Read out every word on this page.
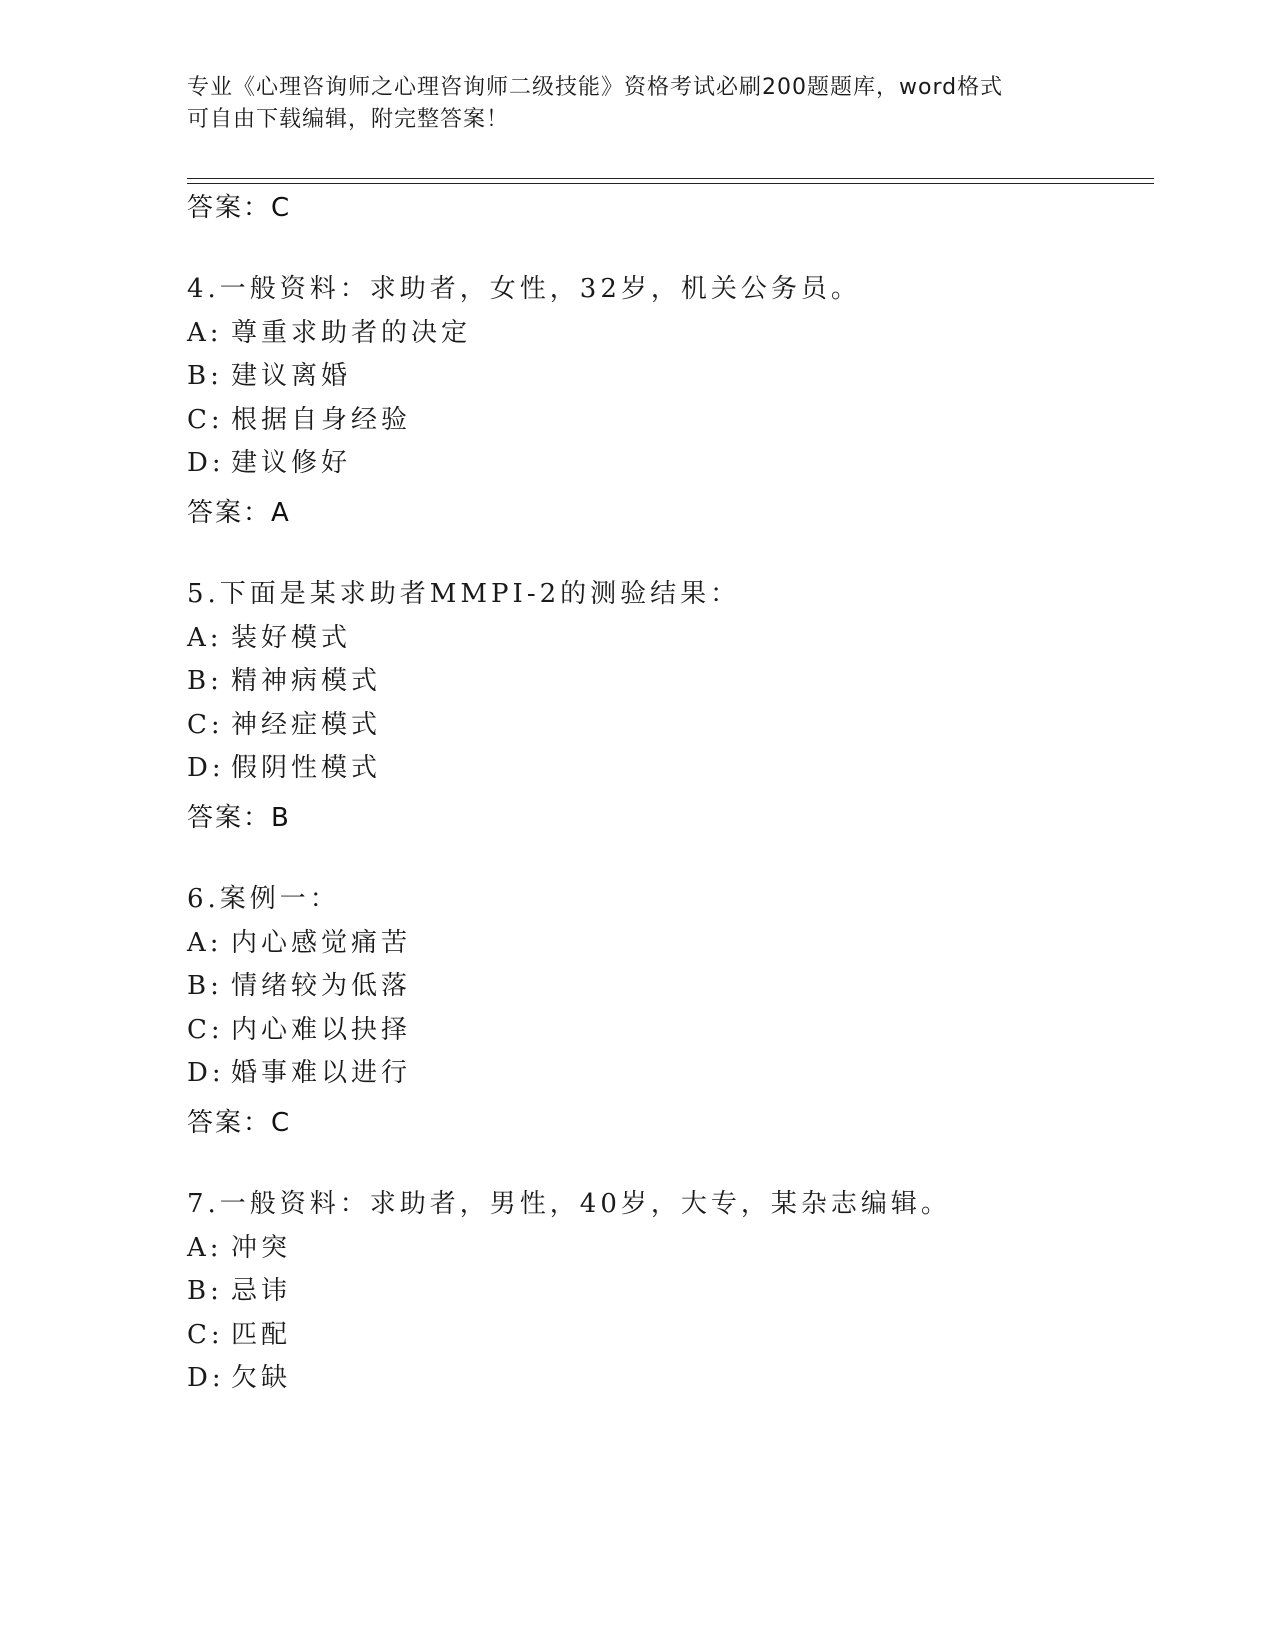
专业《心理咨询师之心理咨询师二级技能》资格考试必刷200题题库，word格式
可自由下载编辑，附完整答案！
答案：C
4.一般资料：求助者，女性，32岁，机关公务员。
A: 尊重求助者的决定
B: 建议离婚
C: 根据自身经验
D: 建议修好
答案：A
5.下面是某求助者MMPI-2的测验结果：
A: 装好模式
B: 精神病模式
C: 神经症模式
D: 假阴性模式
答案：B
6.案例一：
A: 内心感觉痛苦
B: 情绪较为低落
C: 内心难以抉择
D: 婚事难以进行
答案：C
7.一般资料：求助者，男性，40岁，大专，某杂志编辑。
A: 冲突
B: 忌讳
C: 匹配
D: 欠缺
